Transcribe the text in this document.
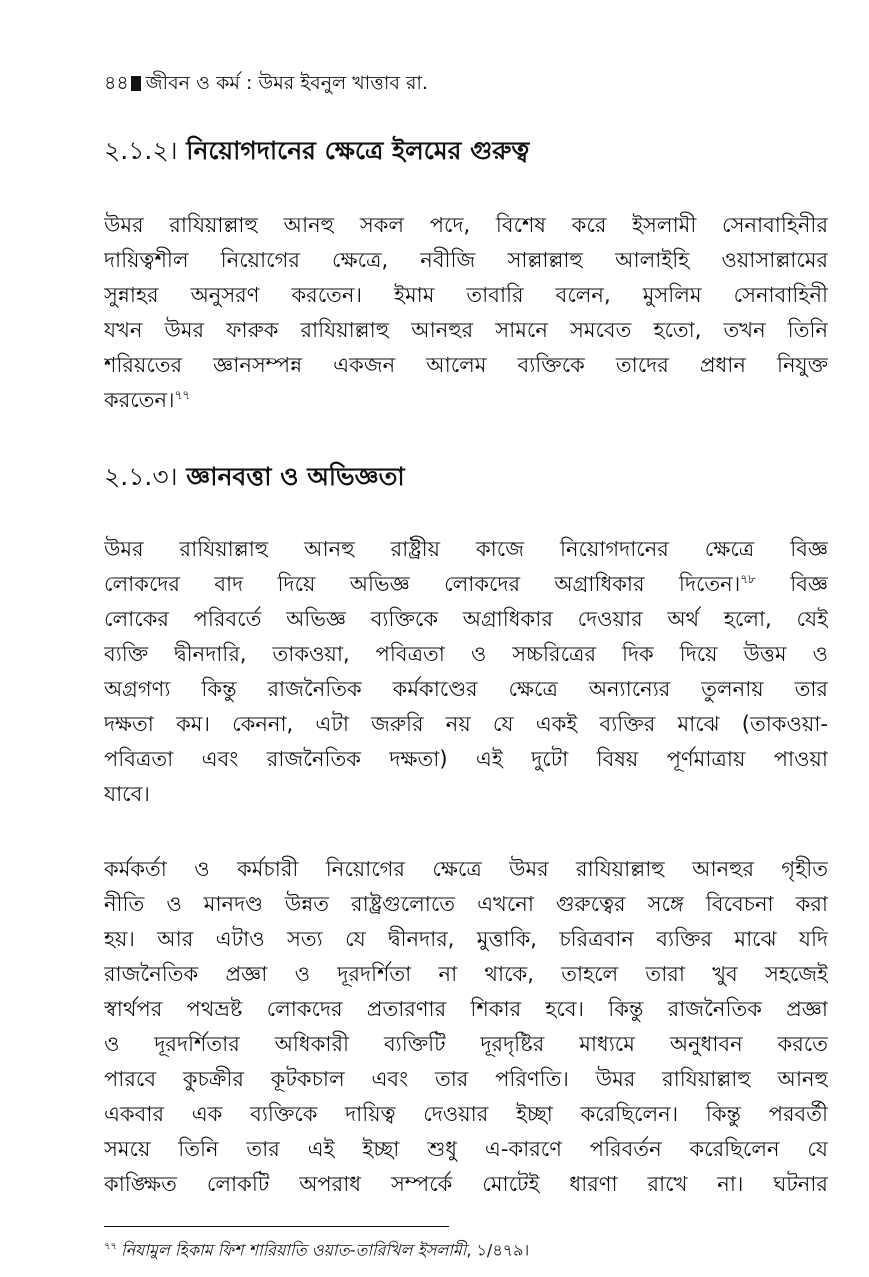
৪৪ জীবন ও কর্ম : উমর ইবনুল খাত্তাব রা.
২.১.২। নিয়োগদানের ক্ষেত্রে ইলমের গুরুত্ব
উমর রাযিয়াল্লাহু আনহু সকল পদে, বিশেষ করে ইসলামী সেনাবাহিনীর
দায়িত্বশীল নিয়োগের ক্ষেত্রে, নবীজি সাল্লাল্লাহু আলাইহি ওয়াসাল্লামের
সুন্নাহর অনুসরণ করতেন। ইমাম তাবারি বলেন, মুসলিম সেনাবাহিনী
যখন উমর ফারুক রাযিয়াল্লাহু আনহুর সামনে সমবেত হতো, তখন তিনি
শরিয়তের জ্ঞানসম্পন্ন একজন আলেম ব্যক্তিকে তাদের প্রধান নিযুক্ত
করতেন।$^{৭৭}$
২.১.৩। জ্ঞানবত্তা ও অভিজ্ঞতা
উমর রাযিয়াল্লাহু আনহু রাষ্ট্রীয় কাজে নিয়োগদানের ক্ষেত্রে বিজ্ঞ
লোকদের বাদ দিয়ে অভিজ্ঞ লোকদের অগ্রাধিকার দিতেন।$^{৭৮}$ বিজ্ঞ
লোকের পরিবর্তে অভিজ্ঞ ব্যক্তিকে অগ্রাধিকার দেওয়ার অর্থ হলো, যেই
ব্যক্তি দ্বীনদারি, তাকওয়া, পবিত্রতা ও সচ্চরিত্রের দিক দিয়ে উত্তম ও
অগ্রগণ্য কিন্তু রাজনৈতিক কর্মকাণ্ডের ক্ষেত্রে অন্যান্যের তুলনায় তার
দক্ষতা কম। কেননা, এটা জরুরি নয় যে একই ব্যক্তির মাঝে (তাকওয়া-
পবিত্রতা এবং রাজনৈতিক দক্ষতা) এই দুটো বিষয় পূর্ণমাত্রায় পাওয়া
যাবে।
কর্মকর্তা ও কর্মচারী নিয়োগের ক্ষেত্রে উমর রাযিয়াল্লাহু আনহুর গৃহীত
নীতি ও মানদণ্ড উন্নত রাষ্ট্রগুলোতে এখনো গুরুত্বের সঙ্গে বিবেচনা করা
হয়। আর এটাও সত্য যে দ্বীনদার, মুত্তাকি, চরিত্রবান ব্যক্তির মাঝে যদি
রাজনৈতিক প্রজ্ঞা ও দূরদর্শিতা না থাকে, তাহলে তারা খুব সহজেই
স্বার্থপর পথভ্রষ্ট লোকদের প্রতারণার শিকার হবে। কিন্তু রাজনৈতিক প্রজ্ঞা
ও দূরদর্শিতার অধিকারী ব্যক্তিটি দূরদৃষ্টির মাধ্যমে অনুধাবন করতে
পারবে কুচক্রীর কূটকচাল এবং তার পরিণতি। উমর রাযিয়াল্লাহু আনহু
একবার এক ব্যক্তিকে দায়িত্ব দেওয়ার ইচ্ছা করেছিলেন। কিন্তু পরবর্তী
সময়ে তিনি তার এই ইচ্ছা শুধু এ-কারণে পরিবর্তন করেছিলেন যে
কাঙ্ক্ষিত লোকটি অপরাধ সম্পর্কে মোটেই ধারণা রাখে না। ঘটনার
$^{৭৭}$ নিযামুল হিকাম ফিশ শারিয়াতি ওয়াত-তারিখিল ইসলামী, ১/৪৭৯।
